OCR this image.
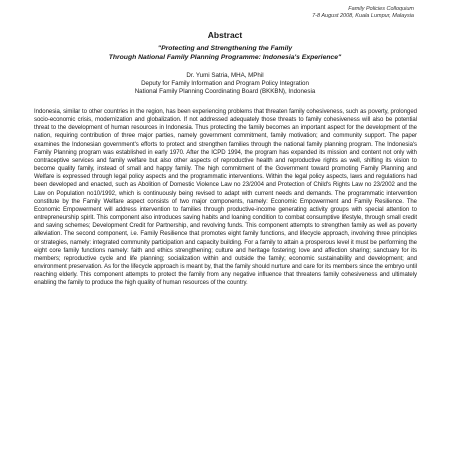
Family Policies Colloquium
7-8 August 2008, Kuala Lumpur, Malaysia
Abstract
"Protecting and Strengthening the Family
Through National Family Planning Programme: Indonesia's Experience"
Dr. Yumi Satria, MHA, MPhil
Deputy for Family Information and Program Policy Integration
National Family Planning Coordinating Board (BKKBN), Indonesia
Indonesia, similar to other countries in the region, has been experiencing problems that threaten family cohesiveness, such as poverty, prolonged socio-economic crisis, modernization and globalization. If not addressed adequately those threats to family cohesiveness will also be potential threat to the development of human resources in Indonesia. Thus protecting the family becomes an important aspect for the development of the nation, requiring contribution of three major parties, namely government commitment, family motivation; and community support. The paper examines the Indonesian government's efforts to protect and strengthen families through the national family planning program. The Indonesia's Family Planning program was established in early 1970. After the ICPD 1994, the program has expanded its mission and content not only with contraceptive services and family welfare but also other aspects of reproductive health and reproductive rights as well, shifting its vision to become quality family, instead of small and happy family. The high commitment of the Government toward promoting Family Planning and Welfare is expressed through legal policy aspects and the programmatic interventions. Within the legal policy aspects, laws and regulations had been developed and enacted, such as Abolition of Domestic Violence Law no 23/2004 and Protection of Child's Rights Law no 23/2002 and the Law on Population no10/1992, which is continuously being revised to adapt with current needs and demands. The programmatic intervention constitute by the Family Welfare aspect consists of two major components, namely: Economic Empowerment and Family Resilience. The Economic Empowerment will address intervention to families through productive-income generating activity groups with special attention to entrepreneurship spirit. This component also introduces saving habits and loaning condition to combat consumptive lifestyle, through small credit and saving schemes; Development Credit for Partnership, and revolving funds. This component attempts to strengthen family as well as poverty alleviation. The second component, i.e. Family Resilience that promotes eight family functions, and lifecycle approach, involving three principles or strategies, namely: integrated community participation and capacity building. For a family to attain a prosperous level it must be performing the eight core family functions namely: faith and ethics strengthening; culture and heritage fostering; love and affection sharing; sanctuary for its members; reproductive cycle and life planning; socialization within and outside the family; economic sustainability and development; and environment preservation. As for the lifecycle approach is meant by, that the family should nurture and care for its members since the embryo until reaching elderly. This component attempts to protect the family from any negative influence that threatens family cohesiveness and ultimately enabling the family to produce the high quality of human resources of the country.
